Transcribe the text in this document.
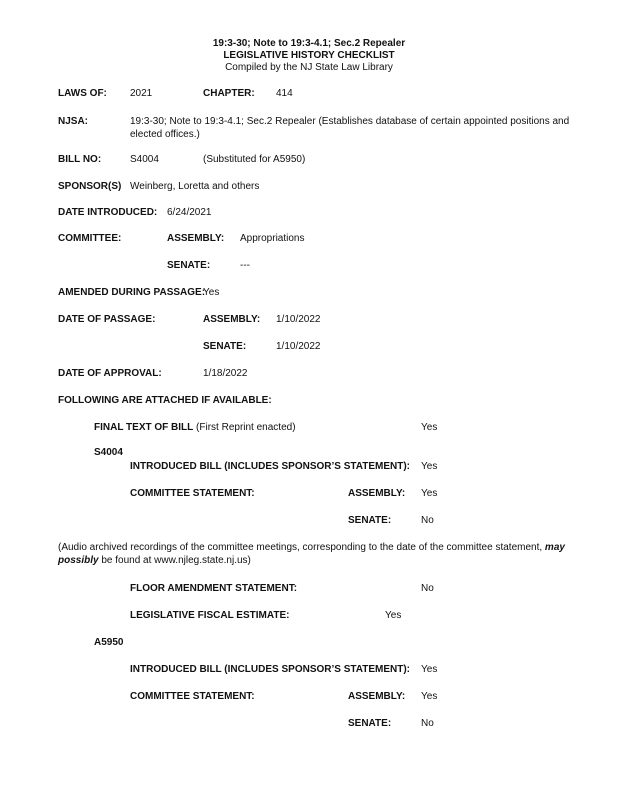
19:3-30; Note to 19:3-4.1; Sec.2 Repealer
LEGISLATIVE HISTORY CHECKLIST
Compiled by the NJ State Law Library
LAWS OF: 2021	CHAPTER: 414
NJSA:	19:3-30; Note to 19:3-4.1; Sec.2 Repealer (Establishes database of certain appointed positions and elected offices.)
BILL NO:	S4004	(Substituted for A5950)
SPONSOR(S) Weinberg, Loretta and others
DATE INTRODUCED: 6/24/2021
COMMITTEE:	ASSEMBLY: Appropriations
SENATE:	---
AMENDED DURING PASSAGE:
Yes
DATE OF PASSAGE:	ASSEMBLY: 1/10/2022
SENATE:	1/10/2022
DATE OF APPROVAL:	1/18/2022
FOLLOWING ARE ATTACHED IF AVAILABLE:
FINAL TEXT OF BILL (First Reprint enacted)	Yes
S4004
INTRODUCED BILL (INCLUDES SPONSOR’S STATEMENT): Yes
COMMITTEE STATEMENT:	ASSEMBLY: Yes
SENATE:	No
(Audio archived recordings of the committee meetings, corresponding to the date of the committee statement, may possibly be found at www.njleg.state.nj.us)
FLOOR AMENDMENT STATEMENT:	No
LEGISLATIVE FISCAL ESTIMATE:	Yes
A5950
INTRODUCED BILL (INCLUDES SPONSOR’S STATEMENT): Yes
COMMITTEE STATEMENT:	ASSEMBLY: Yes
SENATE:	No
